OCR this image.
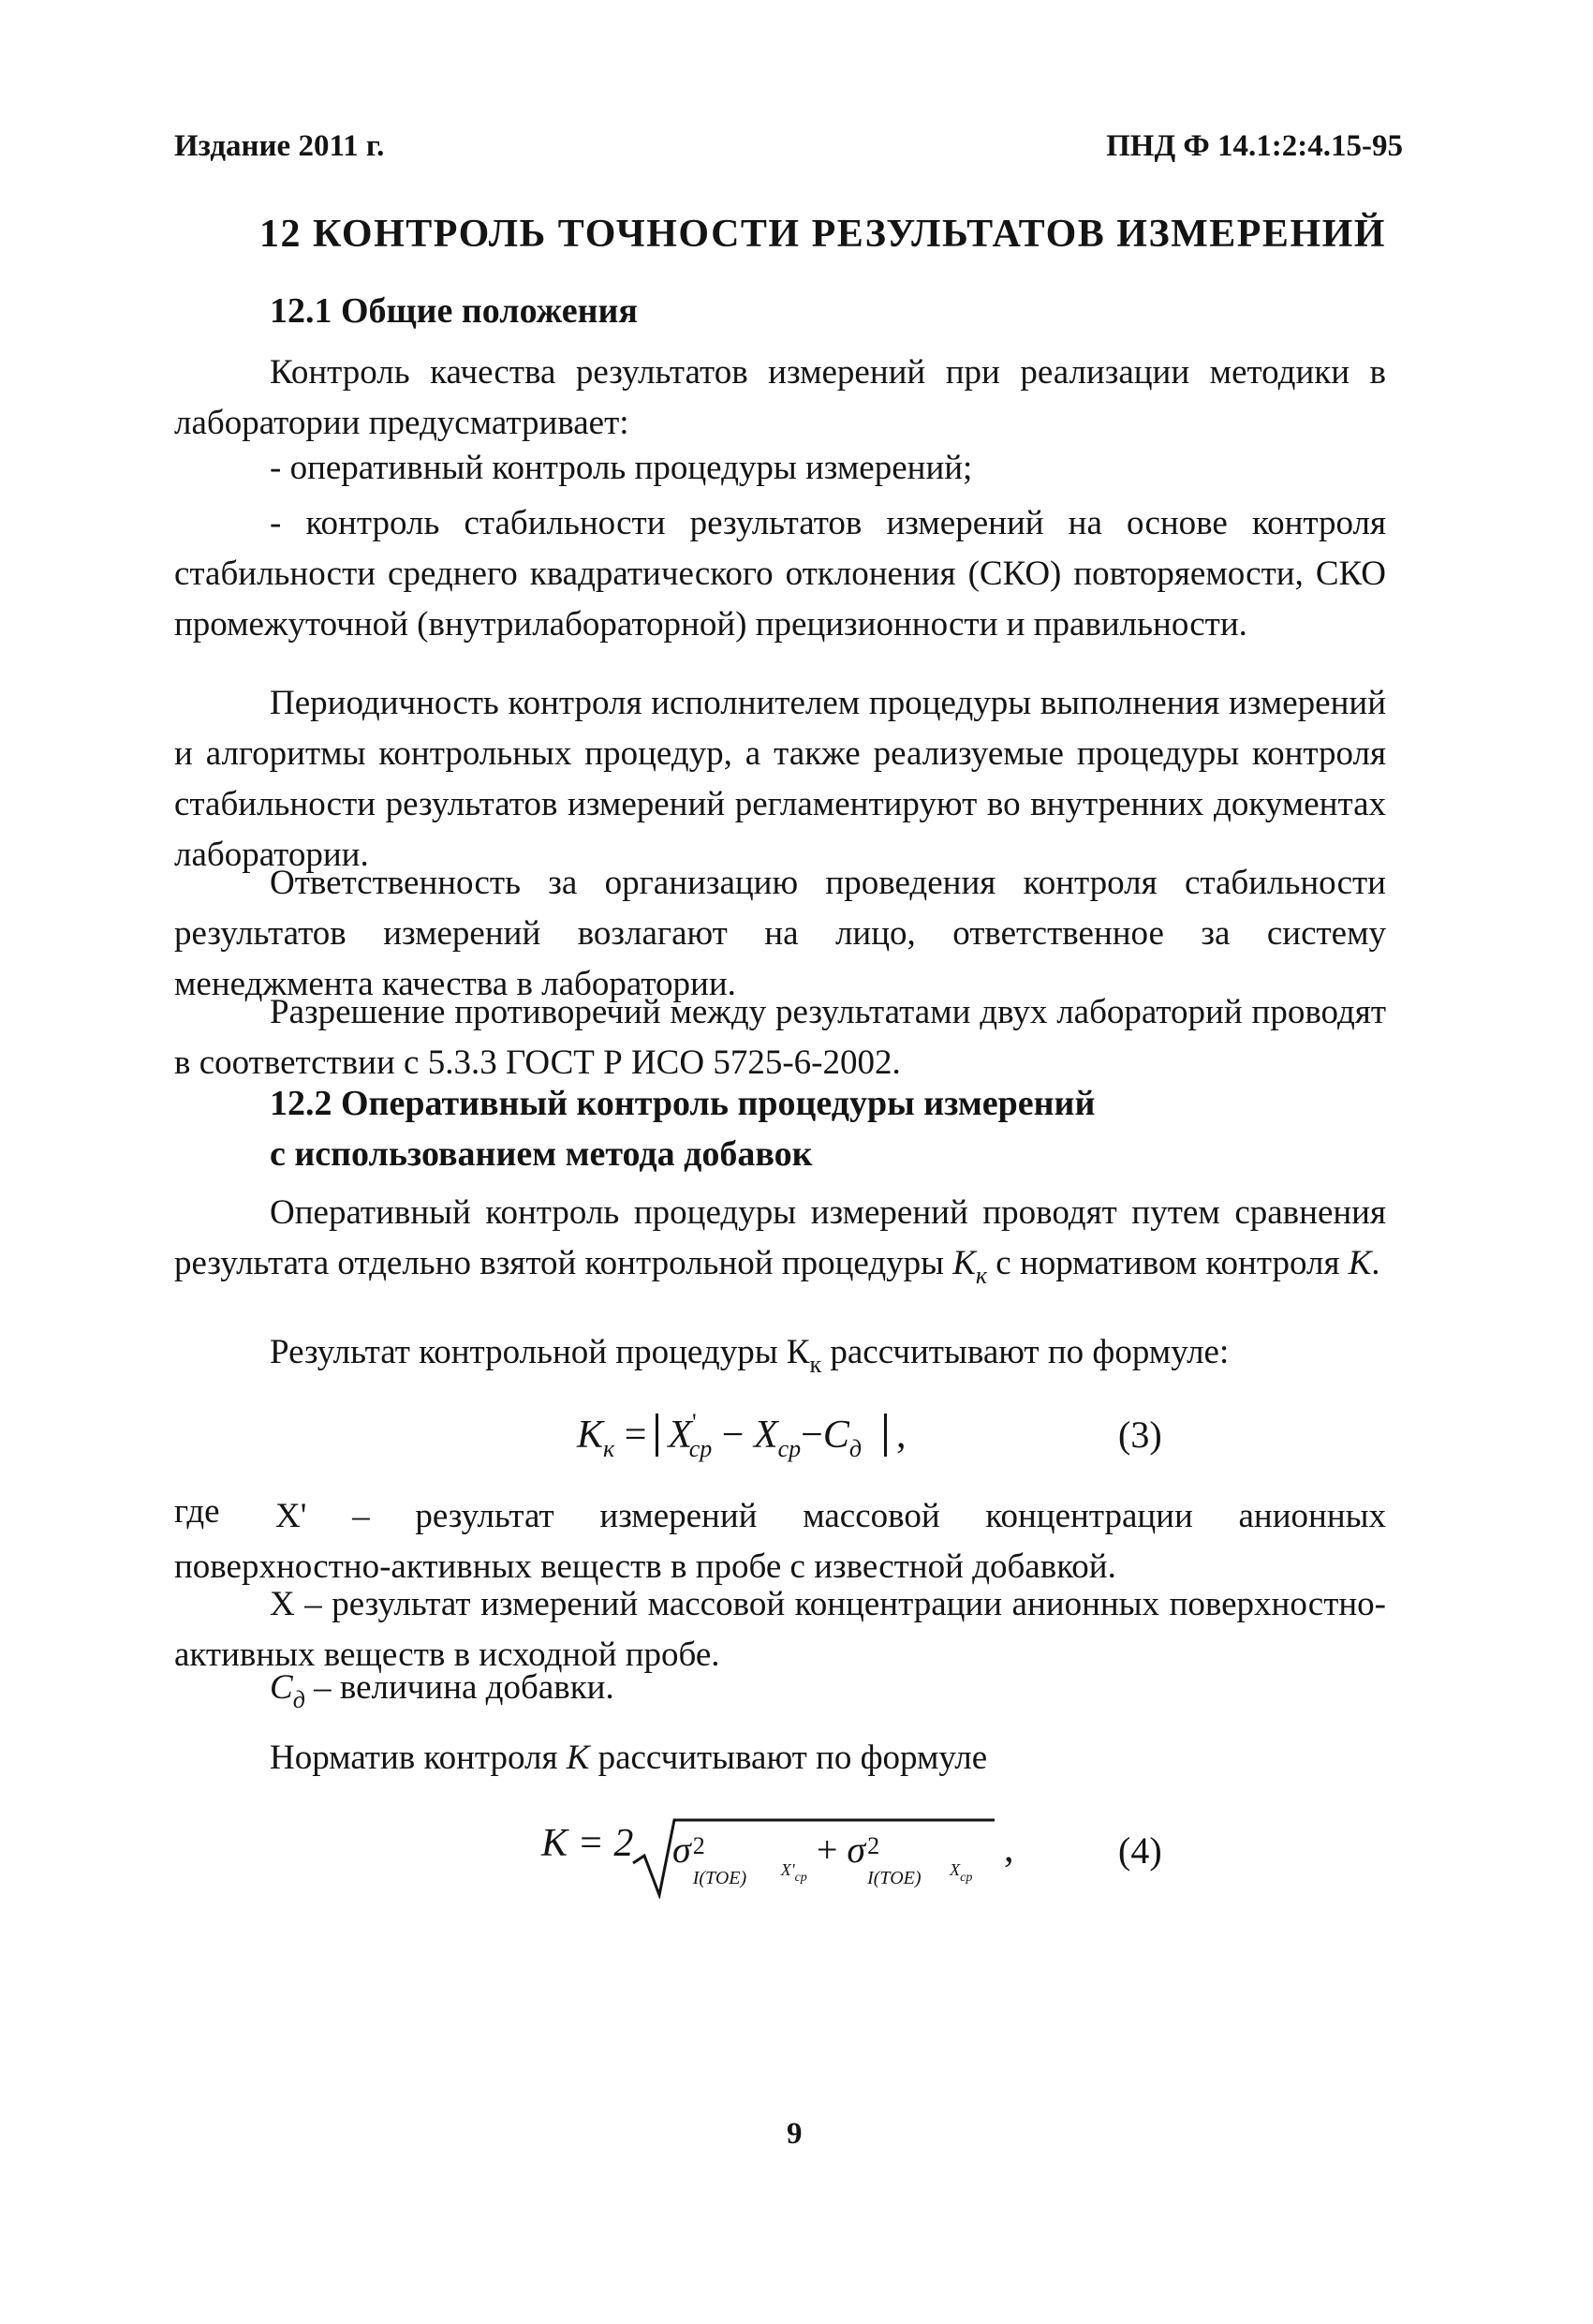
Издание 2011 г.	ПНД Ф 14.1:2:4.15-95
12 КОНТРОЛЬ ТОЧНОСТИ РЕЗУЛЬТАТОВ ИЗМЕРЕНИЙ
12.1 Общие положения
Контроль качества результатов измерений при реализации методики в лаборатории предусматривает:
- оперативный контроль процедуры измерений;
- контроль стабильности результатов измерений на основе контроля стабильности среднего квадратического отклонения (СКО) повторяемости, СКО промежуточной (внутрилабораторной) прецизионности и правильности.
Периодичность контроля исполнителем процедуры выполнения измерений и алгоритмы контрольных процедур, а также реализуемые процедуры контроля стабильности результатов измерений регламентируют во внутренних документах лаборатории.
Ответственность за организацию проведения контроля стабильности результатов измерений возлагают на лицо, ответственное за систему менеджмента качества в лаборатории.
Разрешение противоречий между результатами двух лабораторий проводят в соответствии с 5.3.3 ГОСТ Р ИСО 5725-6-2002.
12.2 Оперативный контроль процедуры измерений
с использованием метода добавок
Оперативный контроль процедуры измерений проводят путем сравнения результата отдельно взятой контрольной процедуры $К_к$ с нормативом контроля К.
Результат контрольной процедуры $К_к$ рассчитывают по формуле:
$K_к = X'_{ср} - X_{ср}-C_д$ ,	(3)
где	X' – результат измерений массовой концентрации анионных поверхностно-активных веществ в пробе с известной добавкой.
X – результат измерений массовой концентрации анионных поверхностно-активных веществ в исходной пробе.
$С_д$ – величина добавки.
Норматив контроля К рассчитывают по формуле
K = 2 σ 2
I(TOE) $_{X'ср}$ + σ 2
I(TOE) $_{Xср}$
,	(4)
9
